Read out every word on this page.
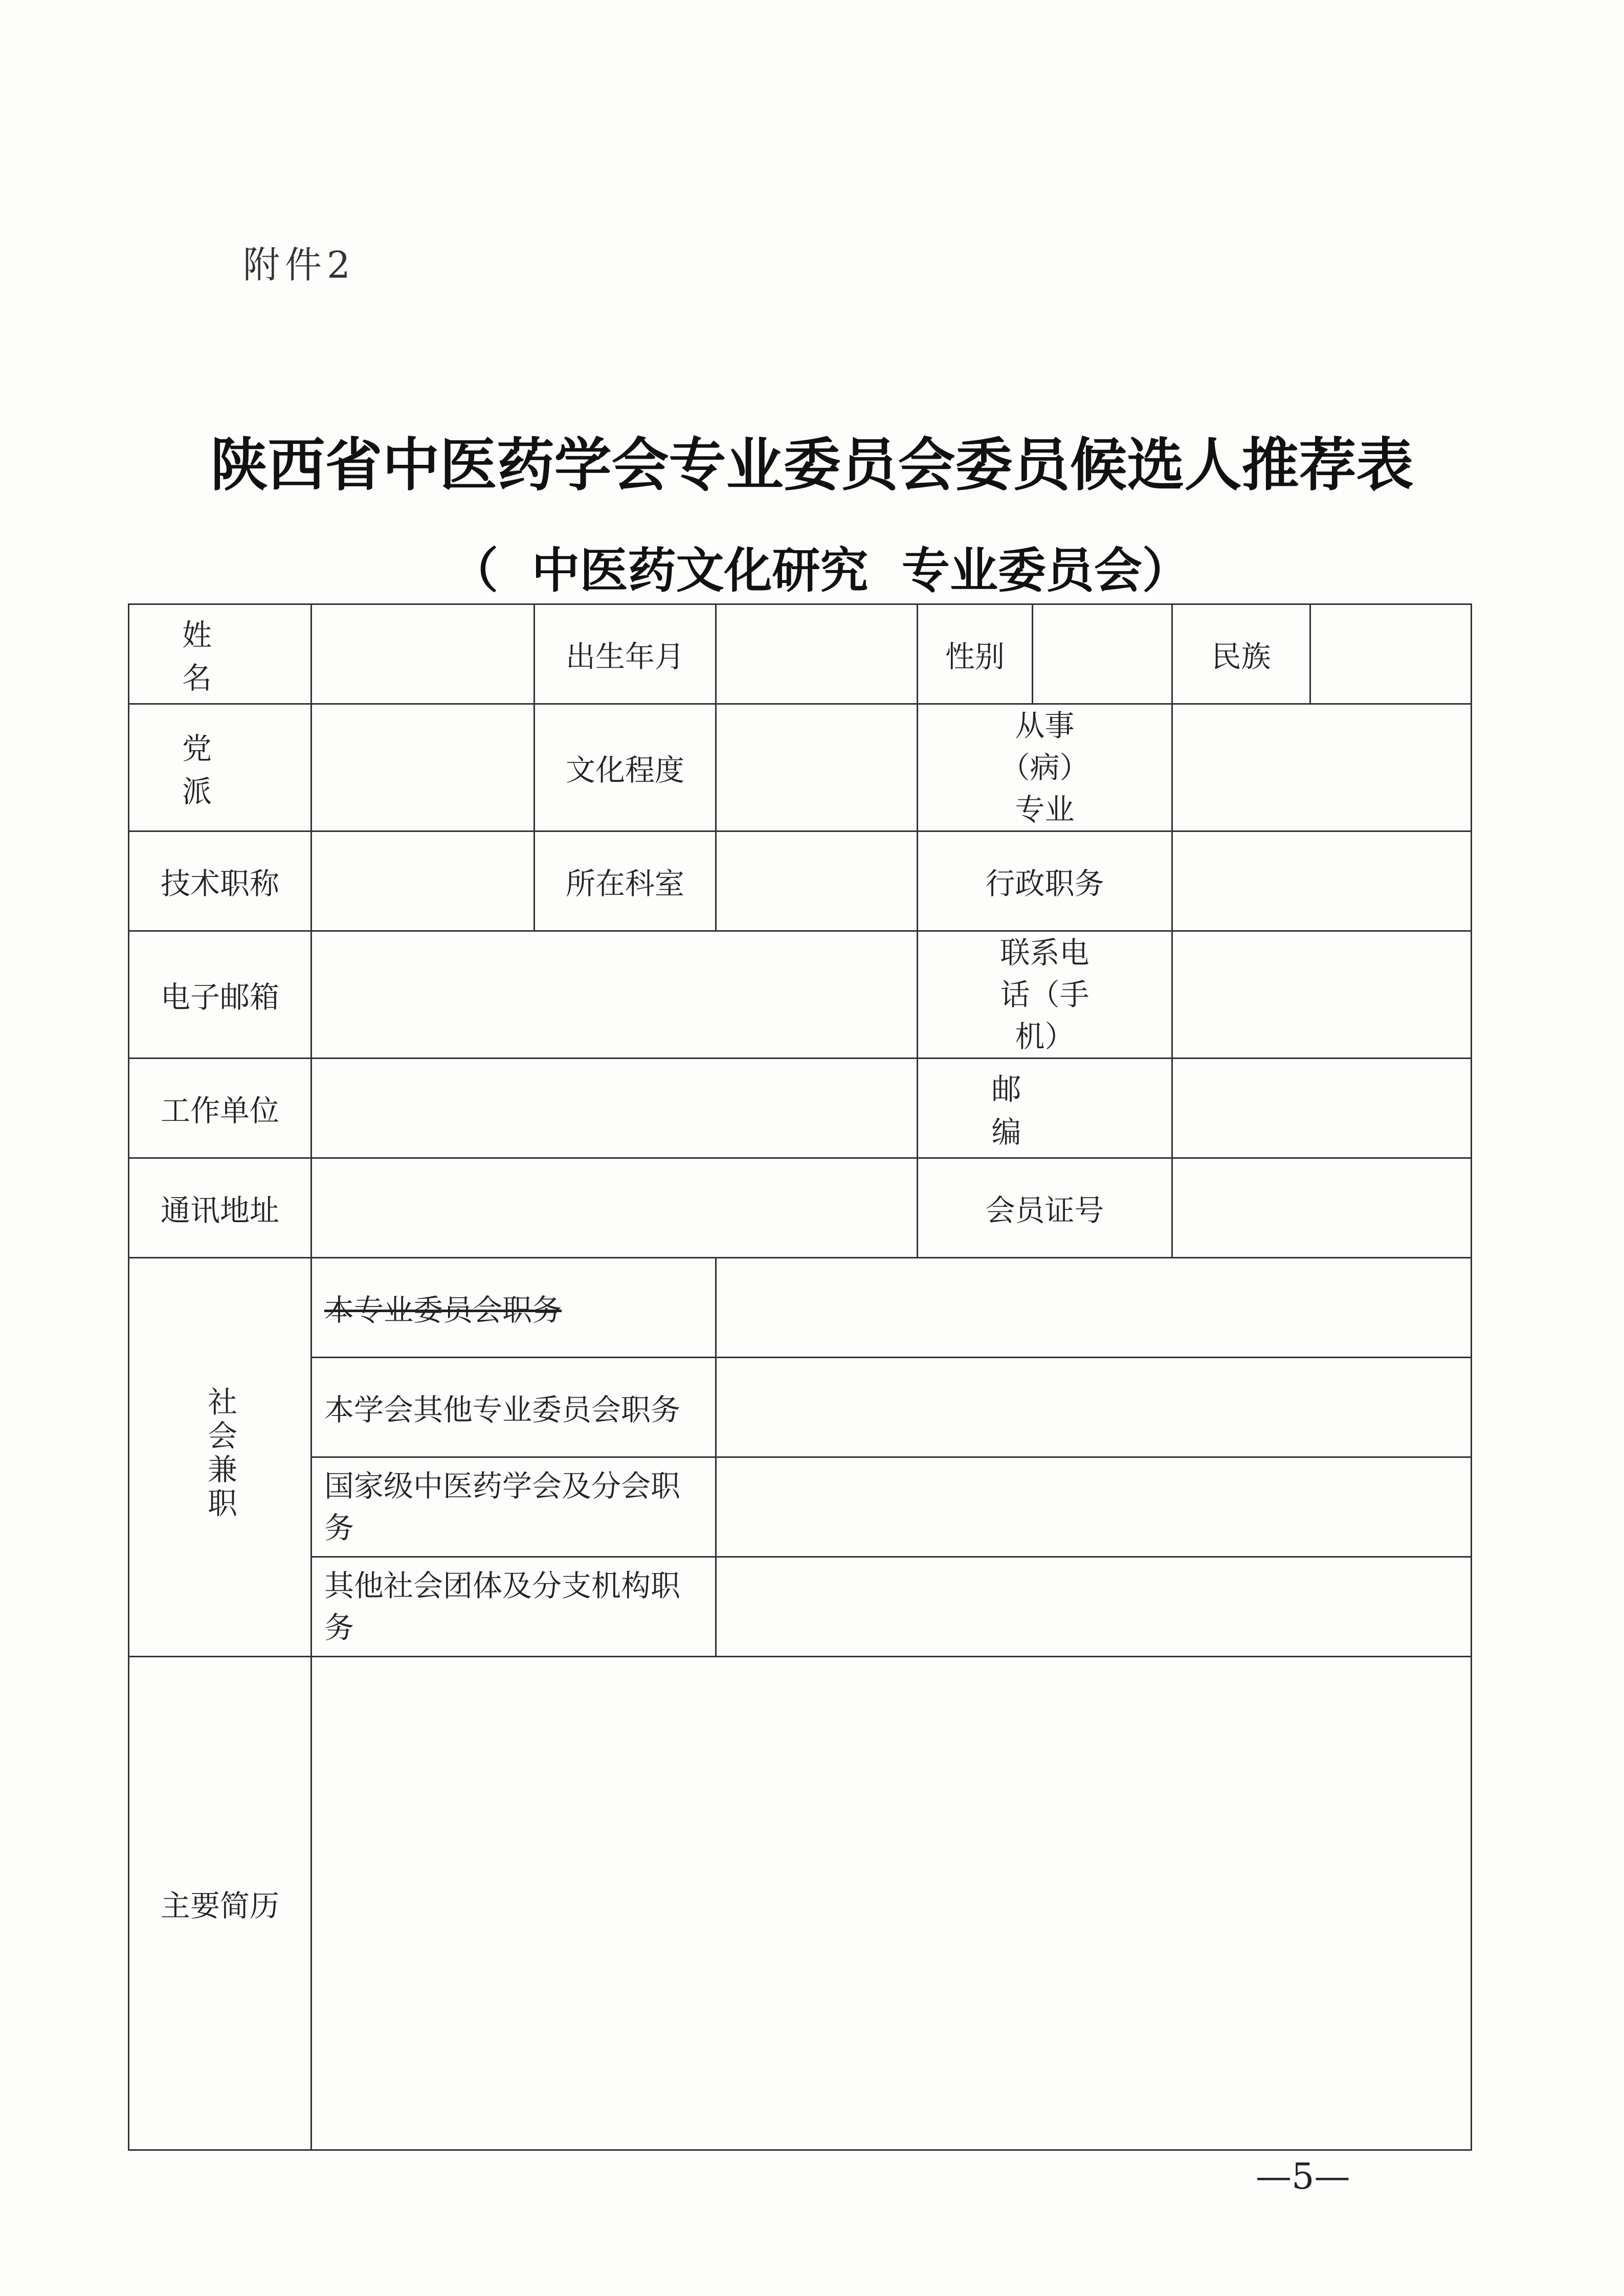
附件2
陕西省中医药学会专业委员会委员候选人推荐表
（  中医药文化研究  专业委员会）
姓 名		出生年月		性别		民族	
党 派		文化程度		从事（病）专业			
技术职称		所在科室		行政职务			
电子邮箱				联系电话（手机）			
工作单位				邮 编			
通讯地址				会员证号			
社会兼职	本专业委员会职务						
	本学会其他专业委员会职务						
	国家级中医药学会及分会职务						
	其他社会团体及分支机构职务						
主要简历							
—5—
